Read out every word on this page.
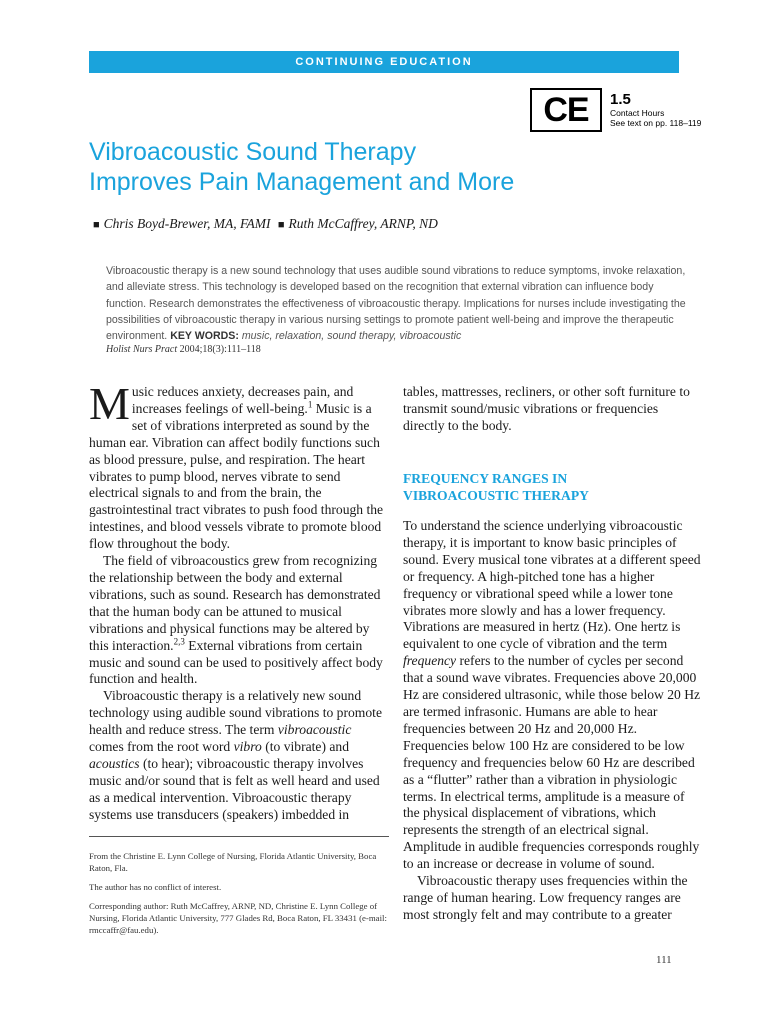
CONTINUING EDUCATION
CE	1.5
Contact Hours
See text on pp. 118–119
Vibroacoustic Sound Therapy
Improves Pain Management and More
■ Chris Boyd-Brewer, MA, FAMI ■ Ruth McCaffrey, ARNP, ND
Vibroacoustic therapy is a new sound technology that uses audible sound vibrations to reduce symptoms, invoke relaxation, and alleviate stress. This technology is developed based on the recognition that external vibration can influence body function. Research demonstrates the effectiveness of vibroacoustic therapy. Implications for nurses include investigating the possibilities of vibroacoustic therapy in various nursing settings to promote patient well-being and improve the therapeutic environment. KEY WORDS: music, relaxation, sound therapy, vibroacoustic
Holist Nurs Pract 2004;18(3):111–118

Music reduces anxiety, decreases pain, and increases feelings of well-being.$^1$ Music is a set of vibrations interpreted as sound by the human ear. Vibration can affect bodily functions such as blood pressure, pulse, and respiration. The heart vibrates to pump blood, nerves vibrate to send electrical signals to and from the brain, the gastrointestinal tract vibrates to push food through the intestines, and blood vessels vibrate to promote blood flow throughout the body.

The field of vibroacoustics grew from recognizing the relationship between the body and external vibrations, such as sound. Research has demonstrated that the human body can be attuned to musical vibrations and physical functions may be altered by this interaction.$^{2,3}$ External vibrations from certain music and sound can be used to positively affect body function and health.

Vibroacoustic therapy is a relatively new sound technology using audible sound vibrations to promote health and reduce stress. The term vibroacoustic comes from the root word vibro (to vibrate) and acoustics (to hear); vibroacoustic therapy involves music and/or sound that is felt as well heard and used as a medical intervention. Vibroacoustic therapy systems use transducers (speakers) imbedded in

tables, mattresses, recliners, or other soft furniture to transmit sound/music vibrations or frequencies directly to the body.

FREQUENCY RANGES IN
VIBROACOUSTIC THERAPY

To understand the science underlying vibroacoustic therapy, it is important to know basic principles of sound. Every musical tone vibrates at a different speed or frequency. A high-pitched tone has a higher frequency or vibrational speed while a lower tone vibrates more slowly and has a lower frequency. Vibrations are measured in hertz (Hz). One hertz is equivalent to one cycle of vibration and the term frequency refers to the number of cycles per second that a sound wave vibrates. Frequencies above 20,000 Hz are considered ultrasonic, while those below 20 Hz are termed infrasonic. Humans are able to hear frequencies between 20 Hz and 20,000 Hz. Frequencies below 100 Hz are considered to be low frequency and frequencies below 60 Hz are described as a “flutter” rather than a vibration in physiologic terms. In electrical terms, amplitude is a measure of the physical displacement of vibrations, which represents the strength of an electrical signal. Amplitude in audible frequencies corresponds roughly to an increase or decrease in volume of sound.

Vibroacoustic therapy uses frequencies within the range of human hearing. Low frequency ranges are most strongly felt and may contribute to a greater

From the Christine E. Lynn College of Nursing, Florida Atlantic University, Boca Raton, Fla.

The author has no conflict of interest.

Corresponding author: Ruth McCaffrey, ARNP, ND, Christine E. Lynn College of Nursing, Florida Atlantic University, 777 Glades Rd, Boca Raton, FL 33431 (e-mail: rmccaffr@fau.edu).

111
